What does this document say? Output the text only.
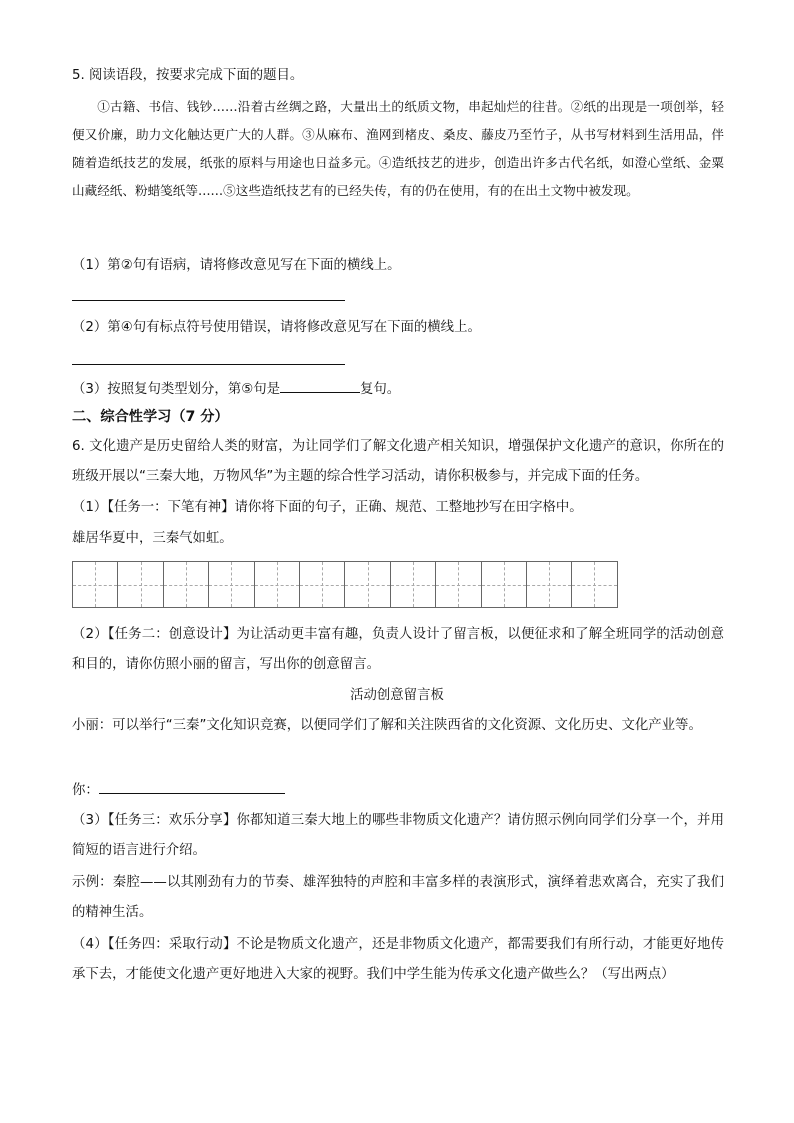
5. 阅读语段，按要求完成下面的题目。

①古籍、书信、钱钞……沿着古丝绸之路，大量出土的纸质文物，串起灿烂的往昔。②纸的出现是一项创举，轻便又价廉，助力文化触达更广大的人群。③从麻布、渔网到楮皮、桑皮、藤皮乃至竹子，从书写材料到生活用品，伴随着造纸技艺的发展，纸张的原料与用途也日益多元。④造纸技艺的进步，创造出许多古代名纸，如澄心堂纸、金粟山藏经纸、粉蜡笺纸等……⑤这些造纸技艺有的已经失传，有的仍在使用，有的在出土文物中被发现。

（1）第②句有语病，请将修改意见写在下面的横线上。
（2）第④句有标点符号使用错误，请将修改意见写在下面的横线上。
（3）按照复句类型划分，第⑤句是	复句。
二、综合性学习（7 分）

6. 文化遗产是历史留给人类的财富，为让同学们了解文化遗产相关知识，增强保护文化遗产的意识，你所在的班级开展以“三秦大地，万物风华”为主题的综合性学习活动，请你积极参与，并完成下面的任务。

（1）【任务一：下笔有神】请你将下面的句子，正确、规范、工整地抄写在田字格中。
雄居华夏中，三秦气如虹。

（2）【任务二：创意设计】为让活动更丰富有趣，负责人设计了留言板，以便征求和了解全班同学的活动创意和目的，请你仿照小丽的留言，写出你的创意留言。

活动创意留言板

小丽：可以举行“三秦”文化知识竞赛，以便同学们了解和关注陕西省的文化资源、文化历史、文化产业等。

你：

（3）【任务三：欢乐分享】你都知道三秦大地上的哪些非物质文化遗产？请仿照示例向同学们分享一个，并用简短的语言进行介绍。

示例：秦腔——以其刚劲有力的节奏、雄浑独特的声腔和丰富多样的表演形式，演绎着悲欢离合，充实了我们的精神生活。

（4）【任务四：采取行动】不论是物质文化遗产，还是非物质文化遗产，都需要我们有所行动，才能更好地传承下去，才能使文化遗产更好地进入大家的视野。我们中学生能为传承文化遗产做些么？（写出两点）
